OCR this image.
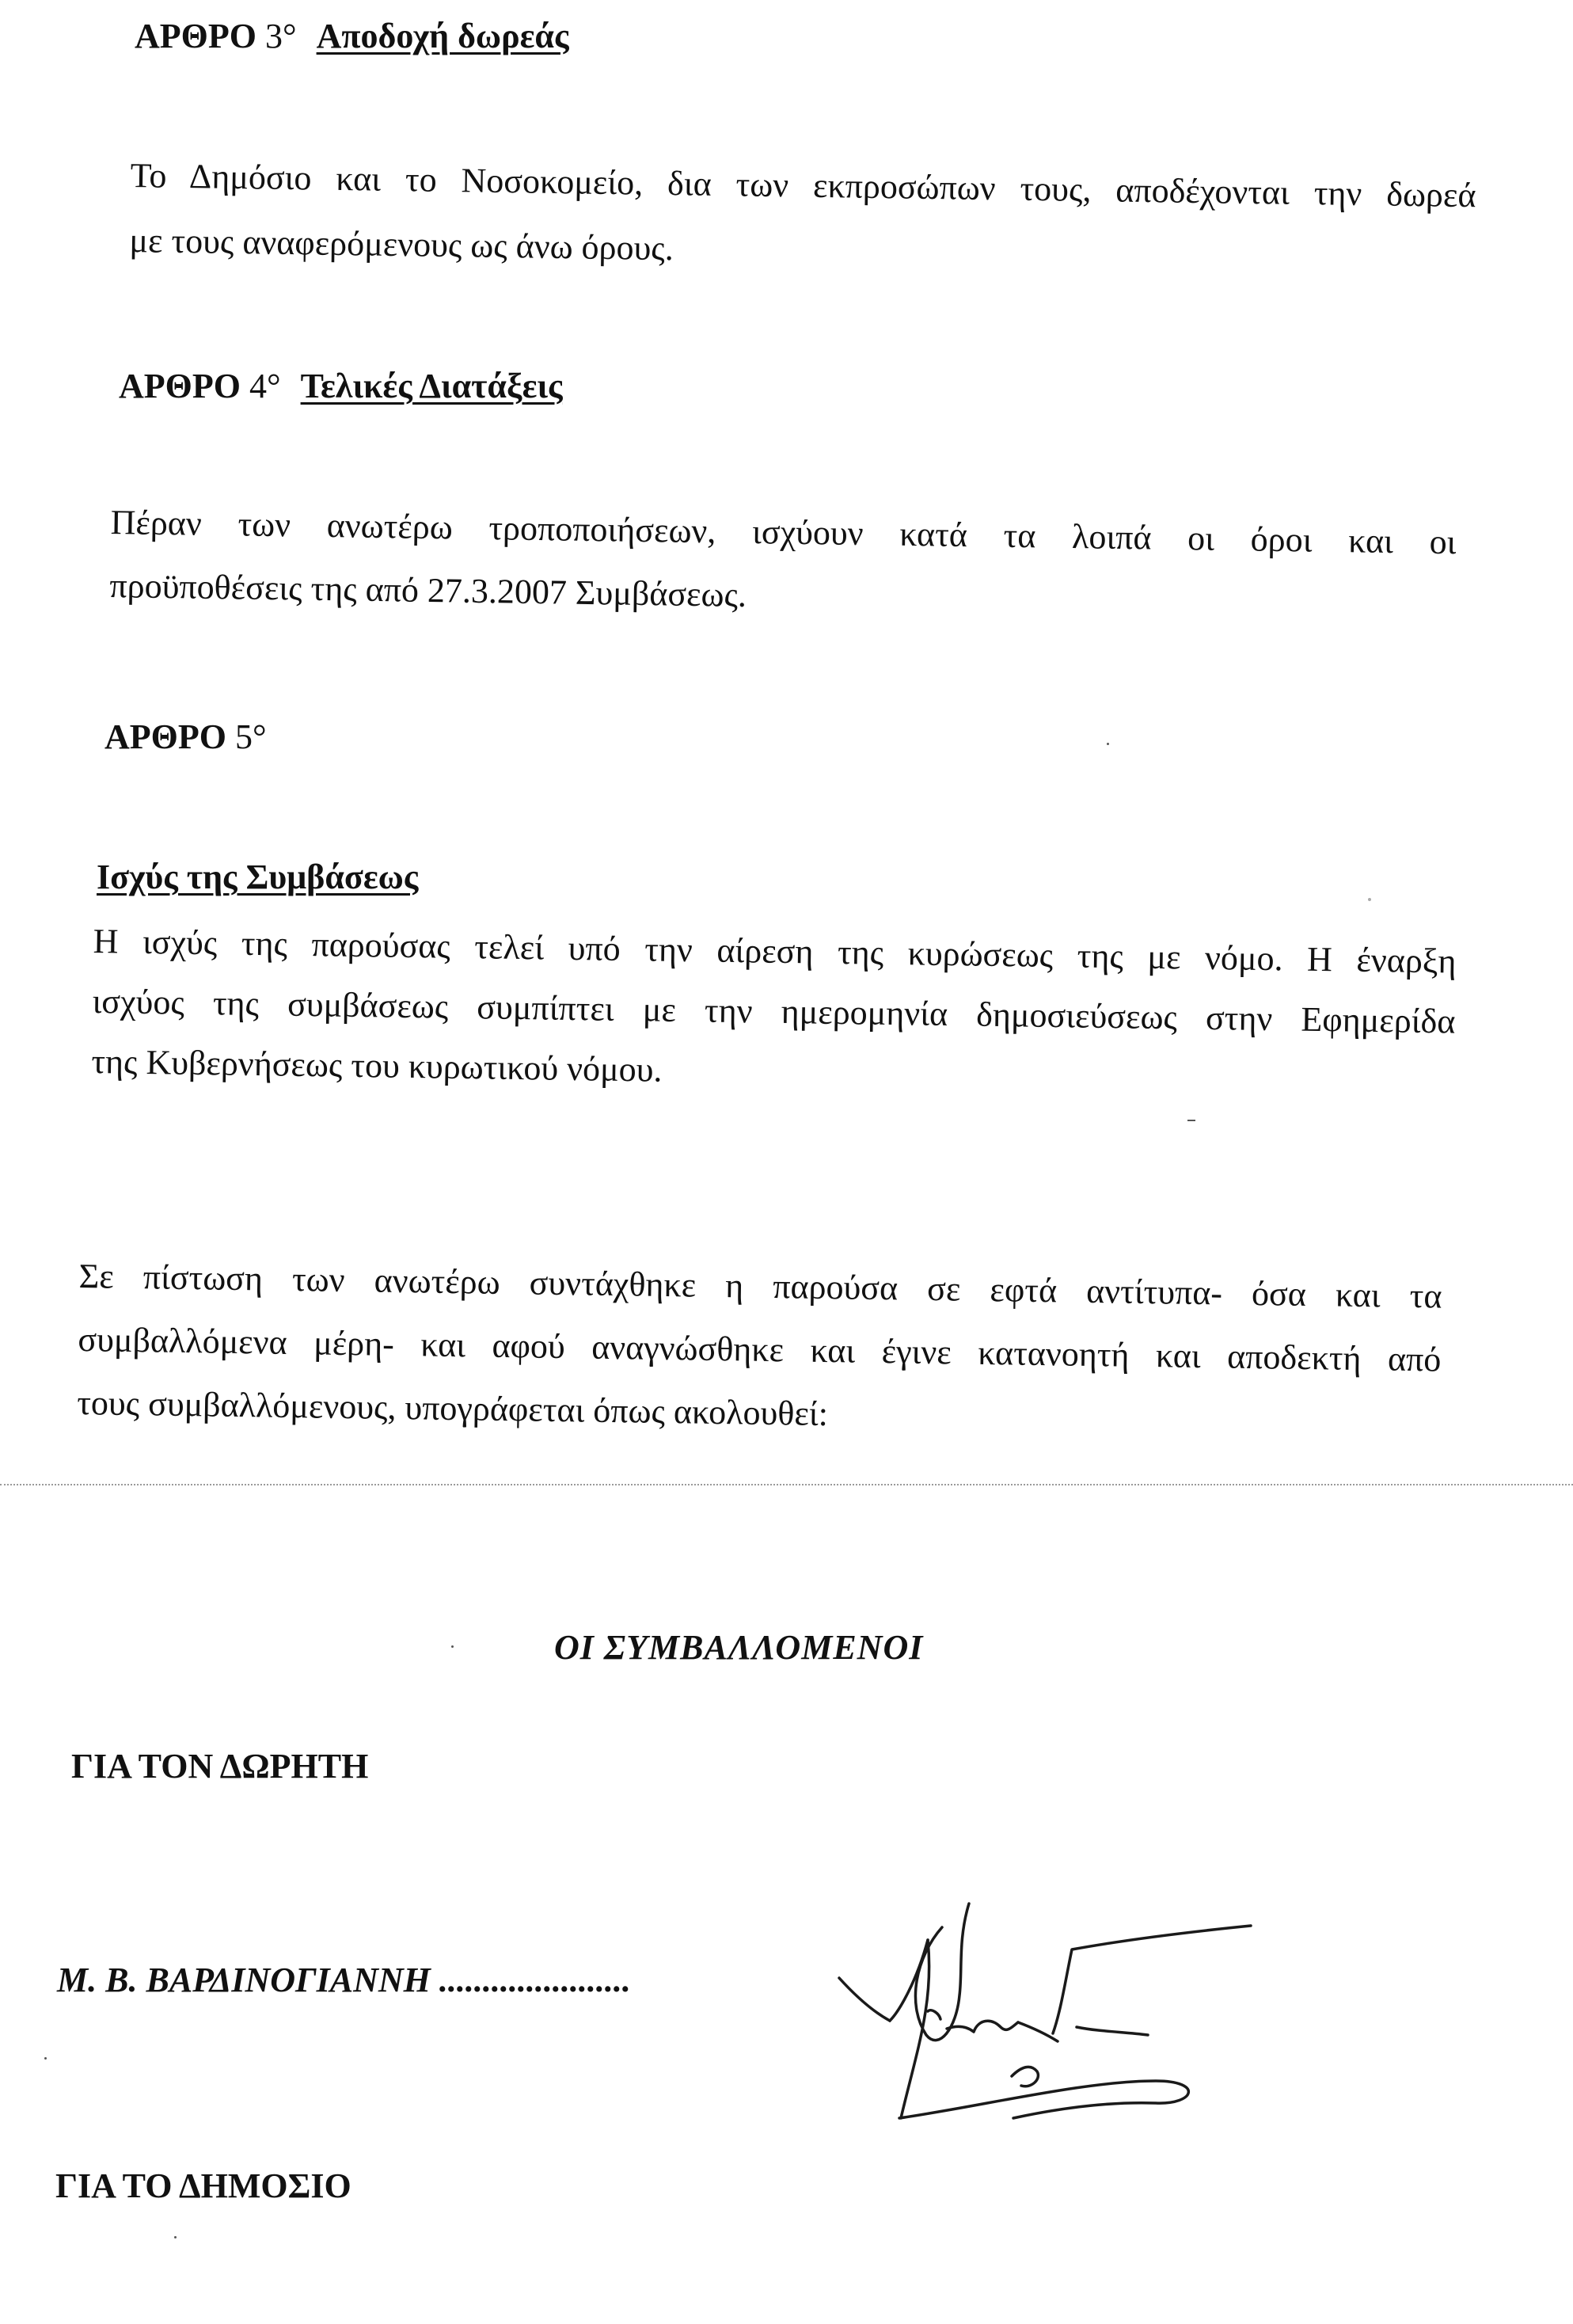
ΑΡΘΡΟ 3° Αποδοχή δωρεάς
Το Δημόσιο και το Νοσοκομείο, δια των εκπροσώπων τους, αποδέχονται την δωρεά
με τους αναφερόμενους ως άνω όρους.
ΑΡΘΡΟ 4° Τελικές Διατάξεις
Πέραν των ανωτέρω τροποποιήσεων, ισχύουν κατά τα λοιπά οι όροι και οι
προϋποθέσεις της από 27.3.2007 Συμβάσεως.
ΑΡΘΡΟ 5°
Ισχύς της Συμβάσεως
Η ισχύς της παρούσας τελεί υπό την αίρεση της κυρώσεως της με νόμο. Η έναρξη
ισχύος της συμβάσεως συμπίπτει με την ημερομηνία δημοσιεύσεως στην Εφημερίδα
της Κυβερνήσεως του κυρωτικού νόμου.
Σε πίστωση των ανωτέρω συντάχθηκε η παρούσα σε εφτά αντίτυπα- όσα και τα
συμβαλλόμενα μέρη- και αφού αναγνώσθηκε και έγινε κατανοητή και αποδεκτή από
τους συμβαλλόμενους, υπογράφεται όπως ακολουθεί:
ΟΙ ΣΥΜΒΑΛΛΟΜΕΝΟΙ
ΓΙΑ ΤΟΝ ΔΩΡΗΤΗ
Μ. Β. ΒΑΡΔΙΝΟΓΙΑΝΝΗ ......................
ΓΙΑ ΤΟ ΔΗΜΟΣΙΟ
